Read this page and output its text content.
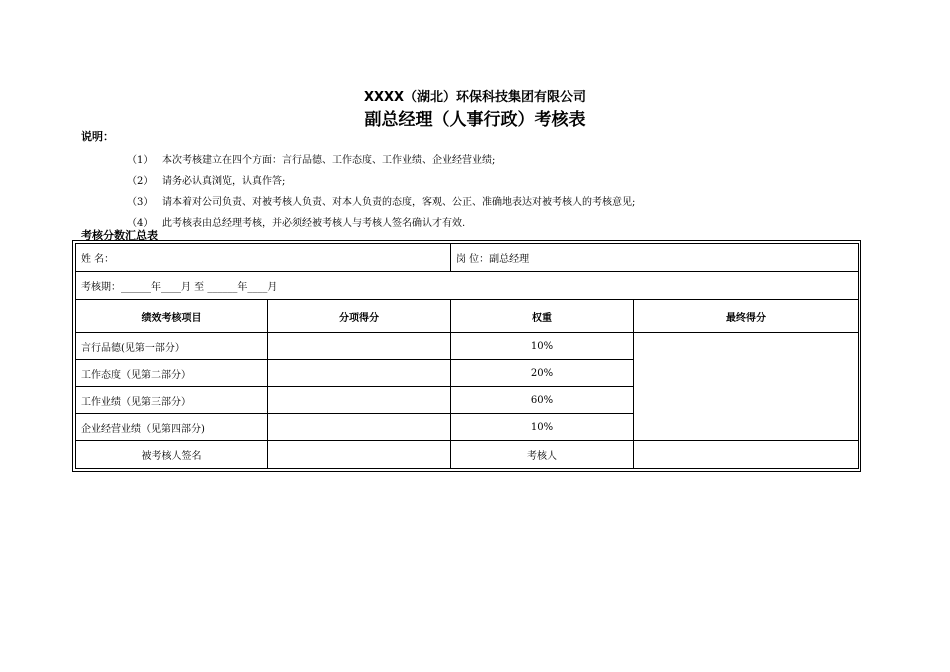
XXXX（湖北）环保科技集团有限公司
副总经理（人事行政）考核表
说明：
（1） 本次考核建立在四个方面：言行品德、工作态度、工作业绩、企业经营业绩;
（2） 请务必认真浏览，认真作答;
（3） 请本着对公司负责、对被考核人负责、对本人负责的态度，客观、公正、准确地表达对被考核人的考核意见;
（4） 此考核表由总经理考核，并必须经被考核人与考核人签名确认才有效.
考核分数汇总表
姓 名：		岗 位：副总经理	
考核期：______年____月 至 ______年____月			
绩效考核项目	分项得分	权重	最终得分
言行品德(见第一部分）		10%	
工作态度（见第二部分）		20%	
工作业绩（见第三部分）		60%	
企业经营业绩（见第四部分)		10%	
被考核人签名		考核人	
